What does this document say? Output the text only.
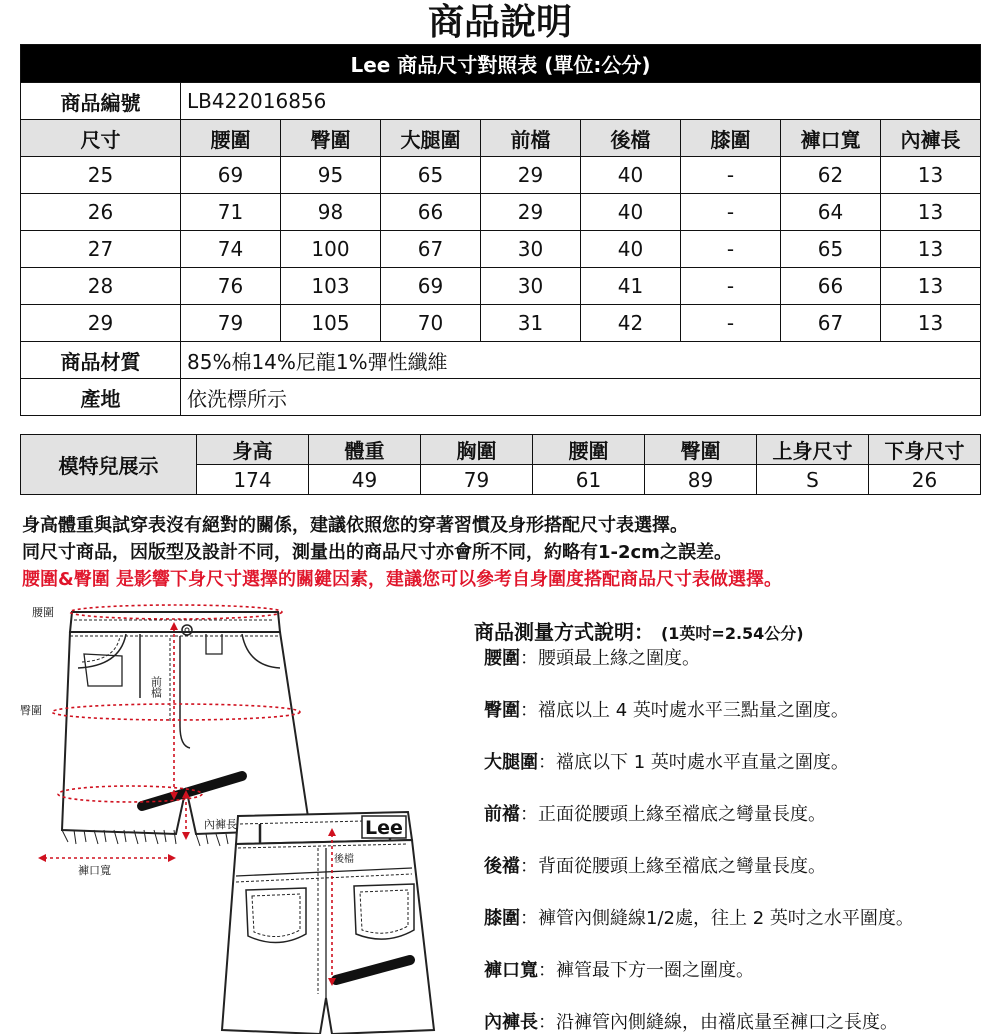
商品說明
Lee 商品尺寸對照表 (單位:公分)								
商品編號	LB422016856							
尺寸	腰圍	臀圍	大腿圍	前檔	後檔	膝圍	褲口寬	內褲長
25	69	95	65	29	40	-	62	13
26	71	98	66	29	40	-	64	13
27	74	100	67	30	40	-	65	13
28	76	103	69	30	41	-	66	13
29	79	105	70	31	42	-	67	13
商品材質	85%棉14%尼龍1%彈性纖維							
產地	依洗標所示							
模特兒展示	身高	體重	胸圍	腰圍	臀圍	上身尺寸	下身尺寸
	174	49	79	61	89	S	26
身高體重與試穿表沒有絕對的關係，建議依照您的穿著習慣及身形搭配尺寸表選擇。
同尺寸商品，因版型及設計不同，測量出的商品尺寸亦會所不同，約略有1-2cm之誤差。
腰圍&臀圍 是影響下身尺寸選擇的關鍵因素，建議您可以參考自身圍度搭配商品尺寸表做選擇。
Lee
腰圍
臀圍
內褲長
褲口寬
後檔
前檔
商品測量方式說明： (1英吋=2.54公分)
腰圍：腰頭最上緣之圍度。
臀圍：襠底以上 4 英吋處水平三點量之圍度。
大腿圍：襠底以下 1 英吋處水平直量之圍度。
前襠：正面從腰頭上緣至襠底之彎量長度。
後襠：背面從腰頭上緣至襠底之彎量長度。
膝圍：褲管內側縫線1/2處，往上 2 英吋之水平圍度。
褲口寬：褲管最下方一圈之圍度。
內褲長：沿褲管內側縫線，由襠底量至褲口之長度。
